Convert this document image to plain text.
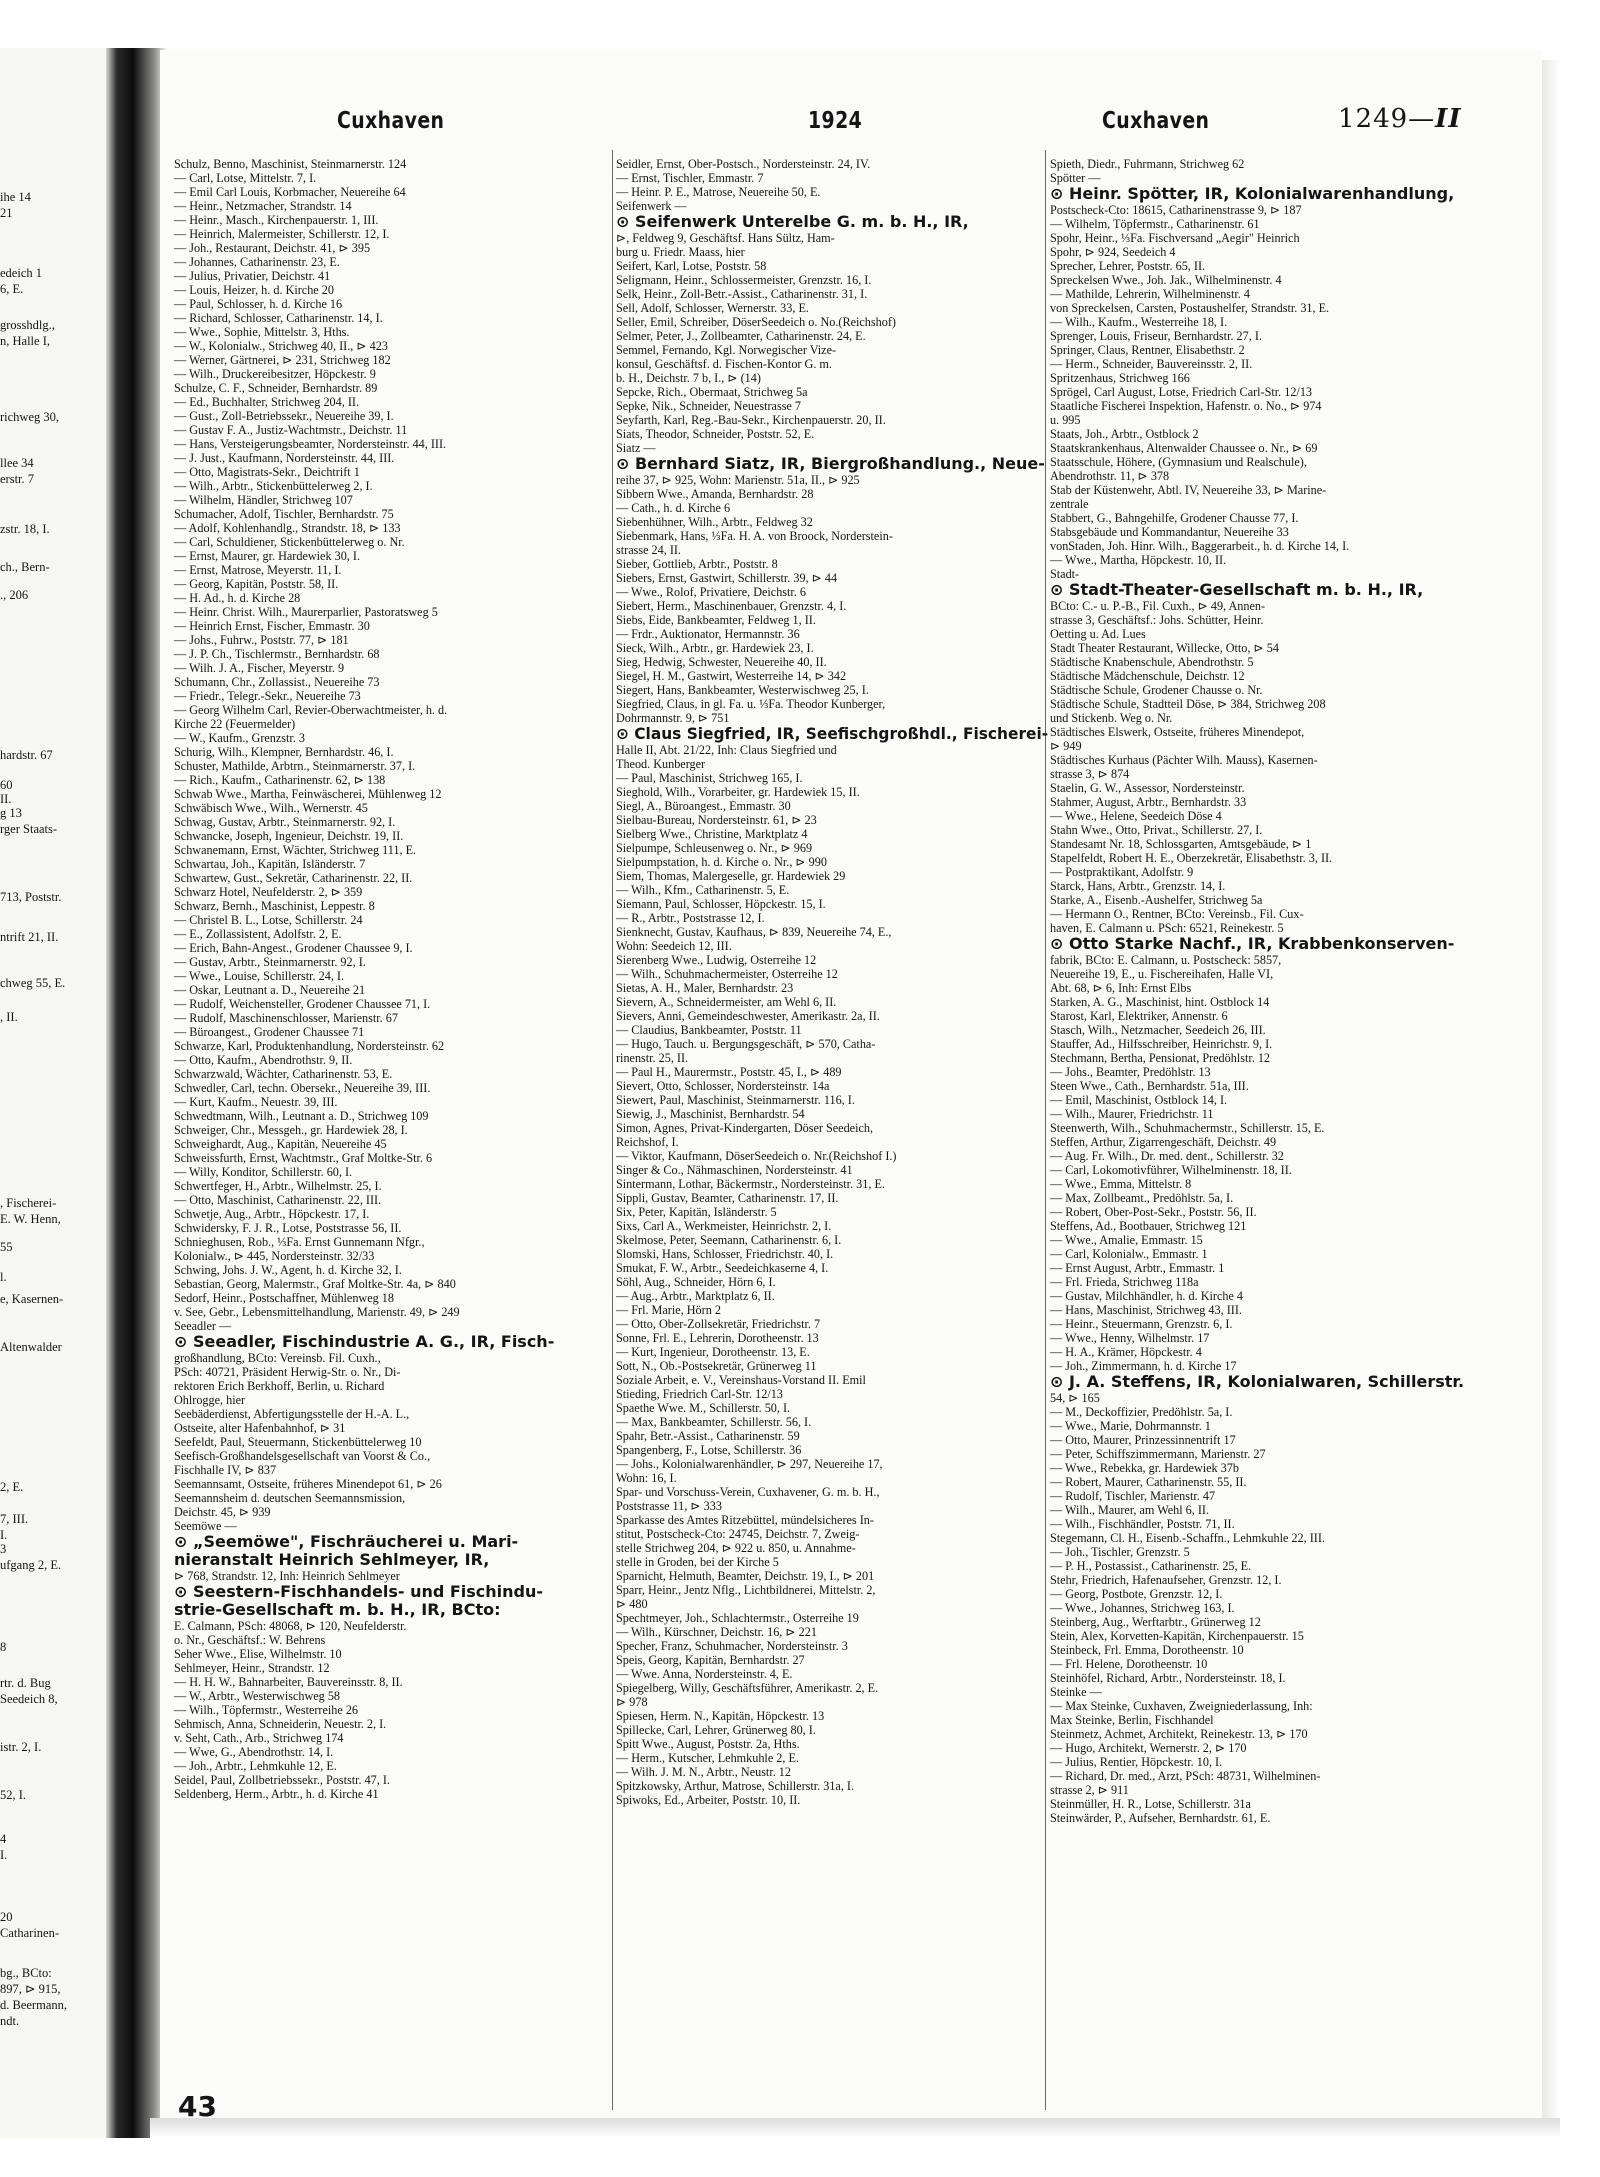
ihe 14
21
edeich 1
6, E.
grosshdlg.,
n, Halle I,
richweg 30,
llee 34
erstr. 7
zstr. 18, I.
ch., Bern-
., 206
hardstr. 67
60
II.
g 13
rger Staats-
713, Poststr.
ntrift 21, II.
chweg 55, E.
, II.
, Fischerei-
E. W. Henn,
55
l.
e, Kasernen-
Altenwalder
2, E.
7, III.
I.
3
ufgang 2, E.
8
rtr. d. Bug
Seedeich 8,
istr. 2, I.
52, I.
4
I.
20
Catharinen-
bg., BCto:
897, ⊳ 915,
d. Beermann,
ndt.
Cuxhaven	1924	Cuxhaven	1249—II
Schulz, Benno, Maschinist, Steinmarnerstr. 124
— Carl, Lotse, Mittelstr. 7, I.
— Emil Carl Louis, Korbmacher, Neuereihe 64
— Heinr., Netzmacher, Strandstr. 14
— Heinr., Masch., Kirchenpauerstr. 1, III.
— Heinrich, Malermeister, Schillerstr. 12, I.
— Joh., Restaurant, Deichstr. 41, ⊳ 395
— Johannes, Catharinenstr. 23, E.
— Julius, Privatier, Deichstr. 41
— Louis, Heizer, h. d. Kirche 20
— Paul, Schlosser, h. d. Kirche 16
— Richard, Schlosser, Catharinenstr. 14, I.
— Wwe., Sophie, Mittelstr. 3, Hths.
— W., Kolonialw., Strichweg 40, II., ⊳ 423
— Werner, Gärtnerei, ⊳ 231, Strichweg 182
— Wilh., Druckereibesitzer, Höpckestr. 9
Schulze, C. F., Schneider, Bernhardstr. 89
— Ed., Buchhalter, Strichweg 204, II.
— Gust., Zoll-Betriebssekr., Neuereihe 39, I.
— Gustav F. A., Justiz-Wachtmstr., Deichstr. 11
— Hans, Versteigerungsbeamter, Nordersteinstr. 44, III.
— J. Just., Kaufmann, Nordersteinstr. 44, III.
— Otto, Magistrats-Sekr., Deichtrift 1
— Wilh., Arbtr., Stickenbüttelerweg 2, I.
— Wilhelm, Händler, Strichweg 107
Schumacher, Adolf, Tischler, Bernhardstr. 75
— Adolf, Kohlenhandlg., Strandstr. 18, ⊳ 133
— Carl, Schuldiener, Stickenbüttelerweg o. Nr.
— Ernst, Maurer, gr. Hardewiek 30, I.
— Ernst, Matrose, Meyerstr. 11, I.
— Georg, Kapitän, Poststr. 58, II.
— H. Ad., h. d. Kirche 28
— Heinr. Christ. Wilh., Maurerparlier, Pastoratsweg 5
— Heinrich Ernst, Fischer, Emmastr. 30
— Johs., Fuhrw., Poststr. 77, ⊳ 181
— J. P. Ch., Tischlermstr., Bernhardstr. 68
— Wilh. J. A., Fischer, Meyerstr. 9
Schumann, Chr., Zollassist., Neuereihe 73
— Friedr., Telegr.-Sekr., Neuereihe 73
— Georg Wilhelm Carl, Revier-Oberwachtmeister, h. d.
Kirche 22 (Feuermelder)
— W., Kaufm., Grenzstr. 3
Schurig, Wilh., Klempner, Bernhardstr. 46, I.
Schuster, Mathilde, Arbtrn., Steinmarnerstr. 37, I.
— Rich., Kaufm., Catharinenstr. 62, ⊳ 138
Schwab Wwe., Martha, Feinwäscherei, Mühlenweg 12
Schwäbisch Wwe., Wilh., Wernerstr. 45
Schwag, Gustav, Arbtr., Steinmarnerstr. 92, I.
Schwancke, Joseph, Ingenieur, Deichstr. 19, II.
Schwanemann, Ernst, Wächter, Strichweg 111, E.
Schwartau, Joh., Kapitän, Isländerstr. 7
Schwartew, Gust., Sekretär, Catharinenstr. 22, II.
Schwarz Hotel, Neufelderstr. 2, ⊳ 359
Schwarz, Bernh., Maschinist, Leppestr. 8
— Christel B. L., Lotse, Schillerstr. 24
— E., Zollassistent, Adolfstr. 2, E.
— Erich, Bahn-Angest., Grodener Chaussee 9, I.
— Gustav, Arbtr., Steinmarnerstr. 92, I.
— Wwe., Louise, Schillerstr. 24, I.
— Oskar, Leutnant a. D., Neuereihe 21
— Rudolf, Weichensteller, Grodener Chaussee 71, I.
— Rudolf, Maschinenschlosser, Marienstr. 67
— Büroangest., Grodener Chaussee 71
Schwarze, Karl, Produktenhandlung, Nordersteinstr. 62
— Otto, Kaufm., Abendrothstr. 9, II.
Schwarzwald, Wächter, Catharinenstr. 53, E.
Schwedler, Carl, techn. Obersekr., Neuereihe 39, III.
— Kurt, Kaufm., Neuestr. 39, III.
Schwedtmann, Wilh., Leutnant a. D., Strichweg 109
Schweiger, Chr., Messgeh., gr. Hardewiek 28, I.
Schweighardt, Aug., Kapitän, Neuereihe 45
Schweissfurth, Ernst, Wachtmstr., Graf Moltke-Str. 6
— Willy, Konditor, Schillerstr. 60, I.
Schwertfeger, H., Arbtr., Wilhelmstr. 25, I.
— Otto, Maschinist, Catharinenstr. 22, III.
Schwetje, Aug., Arbtr., Höpckestr. 17, I.
Schwidersky, F. J. R., Lotse, Poststrasse 56, II.
Schnieghusen, Rob., ⅓Fa. Ernst Gunnemann Nfgr.,
Kolonialw., ⊳ 445, Nordersteinstr. 32/33
Schwing, Johs. J. W., Agent, h. d. Kirche 32, I.
Sebastian, Georg, Malermstr., Graf Moltke-Str. 4a, ⊳ 840
Sedorf, Heinr., Postschaffner, Mühlenweg 18
v. See, Gebr., Lebensmittelhandlung, Marienstr. 49, ⊳ 249
Seeadler —
⊙ Seeadler, Fischindustrie A. G., IR, Fisch-
großhandlung, BCto: Vereinsb. Fil. Cuxh.,
PSch: 40721, Präsident Herwig-Str. o. Nr., Di-
rektoren Erich Berkhoff, Berlin, u. Richard
Ohlrogge, hier
Seebäderdienst, Abfertigungsstelle der H.-A. L.,
Ostseite, alter Hafenbahnhof, ⊳ 31
Seefeldt, Paul, Steuermann, Stickenbüttelerweg 10
Seefisch-Großhandelsgesellschaft van Voorst & Co.,
Fischhalle IV, ⊳ 837
Seemannsamt, Ostseite, früheres Minendepot 61, ⊳ 26
Seemannsheim d. deutschen Seemannsmission,
Deichstr. 45, ⊳ 939
Seemöwe —
⊙ „Seemöwe", Fischräucherei u. Mari-
nieranstalt Heinrich Sehlmeyer, IR,
⊳ 768, Strandstr. 12, Inh: Heinrich Sehlmeyer
⊙ Seestern-Fischhandels- und Fischindu-
strie-Gesellschaft m. b. H., IR, BCto:
E. Calmann, PSch: 48068, ⊳ 120, Neufelderstr.
o. Nr., Geschäftsf.: W. Behrens
Seher Wwe., Elise, Wilhelmstr. 10
Sehlmeyer, Heinr., Strandstr. 12
— H. H. W., Bahnarbeiter, Bauvereinsstr. 8, II.
— W., Arbtr., Westerwischweg 58
— Wilh., Töpfermstr., Westerreihe 26
Sehmisch, Anna, Schneiderin, Neuestr. 2, I.
v. Seht, Cath., Arb., Strichweg 174
— Wwe, G., Abendrothstr. 14, I.
— Joh., Arbtr., Lehmkuhle 12, E.
Seidel, Paul, Zollbetriebssekr., Poststr. 47, I.
Seldenberg, Herm., Arbtr., h. d. Kirche 41
Seidler, Ernst, Ober-Postsch., Nordersteinstr. 24, IV.
— Ernst, Tischler, Emmastr. 7
— Heinr. P. E., Matrose, Neuereihe 50, E.
Seifenwerk —
⊙ Seifenwerk Unterelbe G. m. b. H., IR,
⊳, Feldweg 9, Geschäftsf. Hans Sültz, Ham-
burg u. Friedr. Maass, hier
Seifert, Karl, Lotse, Poststr. 58
Seligmann, Heinr., Schlossermeister, Grenzstr. 16, I.
Selk, Heinr., Zoll-Betr.-Assist., Catharinenstr. 31, I.
Sell, Adolf, Schlosser, Wernerstr. 33, E.
Seller, Emil, Schreiber, DöserSeedeich o. No.(Reichshof)
Selmer, Peter, J., Zollbeamter, Catharinenstr. 24, E.
Semmel, Fernando, Kgl. Norwegischer Vize-
konsul, Geschäftsf. d. Fischen-Kontor G. m.
b. H., Deichstr. 7 b, I., ⊳ (14)
Sepcke, Rich., Obermaat, Strichweg 5a
Sepke, Nik., Schneider, Neuestrasse 7
Seyfarth, Karl, Reg.-Bau-Sekr., Kirchenpauerstr. 20, II.
Siats, Theodor, Schneider, Poststr. 52, E.
Siatz —
⊙ Bernhard Siatz, IR, Biergroßhandlung., Neue-
reihe 37, ⊳ 925, Wohn: Marienstr. 51a, II., ⊳ 925
Sibbern Wwe., Amanda, Bernhardstr. 28
— Cath., h. d. Kirche 6
Siebenhühner, Wilh., Arbtr., Feldweg 32
Siebenmark, Hans, ⅓Fa. H. A. von Broock, Norderstein-
strasse 24, II.
Sieber, Gottlieb, Arbtr., Poststr. 8
Siebers, Ernst, Gastwirt, Schillerstr. 39, ⊳ 44
— Wwe., Rolof, Privatiere, Deichstr. 6
Siebert, Herm., Maschinenbauer, Grenzstr. 4, I.
Siebs, Eide, Bankbeamter, Feldweg 1, II.
— Frdr., Auktionator, Hermannstr. 36
Sieck, Wilh., Arbtr., gr. Hardewiek 23, I.
Sieg, Hedwig, Schwester, Neuereihe 40, II.
Siegel, H. M., Gastwirt, Westerreihe 14, ⊳ 342
Siegert, Hans, Bankbeamter, Westerwischweg 25, I.
Siegfried, Claus, in gl. Fa. u. ⅓Fa. Theodor Kunberger,
Dohrmannstr. 9, ⊳ 751
⊙ Claus Siegfried, IR, Seefischgroßhdl., Fischerei-
Halle II, Abt. 21/22, Inh: Claus Siegfried und
Theod. Kunberger
— Paul, Maschinist, Strichweg 165, I.
Sieghold, Wilh., Vorarbeiter, gr. Hardewiek 15, II.
Siegl, A., Büroangest., Emmastr. 30
Sielbau-Bureau, Nordersteinstr. 61, ⊳ 23
Sielberg Wwe., Christine, Marktplatz 4
Sielpumpe, Schleusenweg o. Nr., ⊳ 969
Sielpumpstation, h. d. Kirche o. Nr., ⊳ 990
Siem, Thomas, Malergeselle, gr. Hardewiek 29
— Wilh., Kfm., Catharinenstr. 5, E.
Siemann, Paul, Schlosser, Höpckestr. 15, I.
— R., Arbtr., Poststrasse 12, I.
Sienknecht, Gustav, Kaufhaus, ⊳ 839, Neuereihe 74, E.,
Wohn: Seedeich 12, III.
Sierenberg Wwe., Ludwig, Osterreihe 12
— Wilh., Schuhmachermeister, Osterreihe 12
Sietas, A. H., Maler, Bernhardstr. 23
Sievern, A., Schneidermeister, am Wehl 6, II.
Sievers, Anni, Gemeindeschwester, Amerikastr. 2a, II.
— Claudius, Bankbeamter, Poststr. 11
— Hugo, Tauch. u. Bergungsgeschäft, ⊳ 570, Catha-
rinenstr. 25, II.
— Paul H., Maurermstr., Poststr. 45, I., ⊳ 489
Sievert, Otto, Schlosser, Nordersteinstr. 14a
Siewert, Paul, Maschinist, Steinmarnerstr. 116, I.
Siewig, J., Maschinist, Bernhardstr. 54
Simon, Agnes, Privat-Kindergarten, Döser Seedeich,
Reichshof, I.
— Viktor, Kaufmann, DöserSeedeich o. Nr.(Reichshof I.)
Singer & Co., Nähmaschinen, Nordersteinstr. 41
Sintermann, Lothar, Bäckermstr., Nordersteinstr. 31, E.
Sippli, Gustav, Beamter, Catharinenstr. 17, II.
Six, Peter, Kapitän, Isländerstr. 5
Sixs, Carl A., Werkmeister, Heinrichstr. 2, I.
Skelmose, Peter, Seemann, Catharinenstr. 6, I.
Slomski, Hans, Schlosser, Friedrichstr. 40, I.
Smukat, F. W., Arbtr., Seedeichkaserne 4, I.
Söhl, Aug., Schneider, Hörn 6, I.
— Aug., Arbtr., Marktplatz 6, II.
— Frl. Marie, Hörn 2
— Otto, Ober-Zollsekretär, Friedrichstr. 7
Sonne, Frl. E., Lehrerin, Dorotheenstr. 13
— Kurt, Ingenieur, Dorotheenstr. 13, E.
Sott, N., Ob.-Postsekretär, Grünerweg 11
Soziale Arbeit, e. V., Vereinshaus-Vorstand II. Emil
Stieding, Friedrich Carl-Str. 12/13
Spaethe Wwe. M., Schillerstr. 50, I.
— Max, Bankbeamter, Schillerstr. 56, I.
Spahr, Betr.-Assist., Catharinenstr. 59
Spangenberg, F., Lotse, Schillerstr. 36
— Johs., Kolonialwarenhändler, ⊳ 297, Neuereihe 17,
Wohn: 16, I.
Spar- und Vorschuss-Verein, Cuxhavener, G. m. b. H.,
Poststrasse 11, ⊳ 333
Sparkasse des Amtes Ritzebüttel, mündelsicheres In-
stitut, Postscheck-Cto: 24745, Deichstr. 7, Zweig-
stelle Strichweg 204, ⊳ 922 u. 850, u. Annahme-
stelle in Groden, bei der Kirche 5
Sparnicht, Helmuth, Beamter, Deichstr. 19, I., ⊳ 201
Sparr, Heinr., Jentz Nflg., Lichtbildnerei, Mittelstr. 2,
⊳ 480
Spechtmeyer, Joh., Schlachtermstr., Osterreihe 19
— Wilh., Kürschner, Deichstr. 16, ⊳ 221
Specher, Franz, Schuhmacher, Nordersteinstr. 3
Speis, Georg, Kapitän, Bernhardstr. 27
— Wwe. Anna, Nordersteinstr. 4, E.
Spiegelberg, Willy, Geschäftsführer, Amerikastr. 2, E.
⊳ 978
Spiesen, Herm. N., Kapitän, Höpckestr. 13
Spillecke, Carl, Lehrer, Grünerweg 80, I.
Spitt Wwe., August, Poststr. 2a, Hths.
— Herm., Kutscher, Lehmkuhle 2, E.
— Wilh. J. M. N., Arbtr., Neustr. 12
Spitzkowsky, Arthur, Matrose, Schillerstr. 31a, I.
Spiwoks, Ed., Arbeiter, Poststr. 10, II.
Spieth, Diedr., Fuhrmann, Strichweg 62
Spötter —
⊙ Heinr. Spötter, IR, Kolonialwarenhandlung,
Postscheck-Cto: 18615, Catharinenstrasse 9, ⊳ 187
— Wilhelm, Töpfermstr., Catharinenstr. 61
Spohr, Heinr., ⅓Fa. Fischversand „Aegir" Heinrich
Spohr, ⊳ 924, Seedeich 4
Sprecher, Lehrer, Poststr. 65, II.
Spreckelsen Wwe., Joh. Jak., Wilhelminenstr. 4
— Mathilde, Lehrerin, Wilhelminenstr. 4
von Spreckelsen, Carsten, Postaushelfer, Strandstr. 31, E.
— Wilh., Kaufm., Westerreihe 18, I.
Sprenger, Louis, Friseur, Bernhardstr. 27, I.
Springer, Claus, Rentner, Elisabethstr. 2
— Herm., Schneider, Bauvereinsstr. 2, II.
Spritzenhaus, Strichweg 166
Sprögel, Carl August, Lotse, Friedrich Carl-Str. 12/13
Staatliche Fischerei Inspektion, Hafenstr. o. No., ⊳ 974
u. 995
Staats, Joh., Arbtr., Ostblock 2
Staatskrankenhaus, Altenwalder Chaussee o. Nr., ⊳ 69
Staatsschule, Höhere, (Gymnasium und Realschule),
Abendrothstr. 11, ⊳ 378
Stab der Küstenwehr, Abtl. IV, Neuereihe 33, ⊳ Marine-
zentrale
Stabbert, G., Bahngehilfe, Grodener Chausse 77, I.
Stabsgebäude und Kommandantur, Neuereihe 33
vonStaden, Joh. Hinr. Wilh., Baggerarbeit., h. d. Kirche 14, I.
— Wwe., Martha, Höpckestr. 10, II.
Stadt-
⊙ Stadt-Theater-Gesellschaft m. b. H., IR,
BCto: C.- u. P.-B., Fil. Cuxh., ⊳ 49, Annen-
strasse 3, Geschäftsf.: Johs. Schütter, Heinr.
Oetting u. Ad. Lues
Stadt Theater Restaurant, Willecke, Otto, ⊳ 54
Städtische Knabenschule, Abendrothstr. 5
Städtische Mädchenschule, Deichstr. 12
Städtische Schule, Grodener Chausse o. Nr.
Städtische Schule, Stadtteil Döse, ⊳ 384, Strichweg 208
und Stickenb. Weg o. Nr.
Städtisches Elswerk, Ostseite, früheres Minendepot,
⊳ 949
Städtisches Kurhaus (Pächter Wilh. Mauss), Kasernen-
strasse 3, ⊳ 874
Staelin, G. W., Assessor, Nordersteinstr.
Stahmer, August, Arbtr., Bernhardstr. 33
— Wwe., Helene, Seedeich Döse 4
Stahn Wwe., Otto, Privat., Schillerstr. 27, I.
Standesamt Nr. 18, Schlossgarten, Amtsgebäude, ⊳ 1
Stapelfeldt, Robert H. E., Oberzekretär, Elisabethstr. 3, II.
— Postpraktikant, Adolfstr. 9
Starck, Hans, Arbtr., Grenzstr. 14, I.
Starke, A., Eisenb.-Aushelfer, Strichweg 5a
— Hermann O., Rentner, BCto: Vereinsb., Fil. Cux-
haven, E. Calmann u. PSch: 6521, Reinekestr. 5
⊙ Otto Starke Nachf., IR, Krabbenkonserven-
fabrik, BCto: E. Calmann, u. Postscheck: 5857,
Neuereihe 19, E., u. Fischereihafen, Halle VI,
Abt. 68, ⊳ 6, Inh: Ernst Elbs
Starken, A. G., Maschinist, hint. Ostblock 14
Starost, Karl, Elektriker, Annenstr. 6
Stasch, Wilh., Netzmacher, Seedeich 26, III.
Stauffer, Ad., Hilfsschreiber, Heinrichstr. 9, I.
Stechmann, Bertha, Pensionat, Predöhlstr. 12
— Johs., Beamter, Predöhlstr. 13
Steen Wwe., Cath., Bernhardstr. 51a, III.
— Emil, Maschinist, Ostblock 14, I.
— Wilh., Maurer, Friedrichstr. 11
Steenwerth, Wilh., Schuhmachermstr., Schillerstr. 15, E.
Steffen, Arthur, Zigarrengeschäft, Deichstr. 49
— Aug. Fr. Wilh., Dr. med. dent., Schillerstr. 32
— Carl, Lokomotivführer, Wilhelminenstr. 18, II.
— Wwe., Emma, Mittelstr. 8
— Max, Zollbeamt., Predöhlstr. 5a, I.
— Robert, Ober-Post-Sekr., Poststr. 56, II.
Steffens, Ad., Bootbauer, Strichweg 121
— Wwe., Amalie, Emmastr. 15
— Carl, Kolonialw., Emmastr. 1
— Ernst August, Arbtr., Emmastr. 1
— Frl. Frieda, Strichweg 118a
— Gustav, Milchhändler, h. d. Kirche 4
— Hans, Maschinist, Strichweg 43, III.
— Heinr., Steuermann, Grenzstr. 6, I.
— Wwe., Henny, Wilhelmstr. 17
— H. A., Krämer, Höpckestr. 4
— Joh., Zimmermann, h. d. Kirche 17
⊙ J. A. Steffens, IR, Kolonialwaren, Schillerstr.
54, ⊳ 165
— M., Deckoffizier, Predöhlstr. 5a, I.
— Wwe., Marie, Dohrmannstr. 1
— Otto, Maurer, Prinzessinnentrift 17
— Peter, Schiffszimmermann, Marienstr. 27
— Wwe., Rebekka, gr. Hardewiek 37b
— Robert, Maurer, Catharinenstr. 55, II.
— Rudolf, Tischler, Marienstr. 47
— Wilh., Maurer, am Wehl 6, II.
— Wilh., Fischhändler, Poststr. 71, II.
Stegemann, Cl. H., Eisenb.-Schaffn., Lehmkuhle 22, III.
— Joh., Tischler, Grenzstr. 5
— P. H., Postassist., Catharinenstr. 25, E.
Stehr, Friedrich, Hafenaufseher, Grenzstr. 12, I.
— Georg, Postbote, Grenzstr. 12, I.
— Wwe., Johannes, Strichweg 163, I.
Steinberg, Aug., Werftarbtr., Grünerweg 12
Stein, Alex, Korvetten-Kapitän, Kirchenpauerstr. 15
Steinbeck, Frl. Emma, Dorotheenstr. 10
— Frl. Helene, Dorotheenstr. 10
Steinhöfel, Richard, Arbtr., Nordersteinstr. 18, I.
Steinke —
— Max Steinke, Cuxhaven, Zweigniederlassung, Inh:
Max Steinke, Berlin, Fischhandel
Steinmetz, Achmet, Architekt, Reinekestr. 13, ⊳ 170
— Hugo, Architekt, Wernerstr. 2, ⊳ 170
— Julius, Rentier, Höpckestr. 10, I.
— Richard, Dr. med., Arzt, PSch: 48731, Wilhelminen-
strasse 2, ⊳ 911
Steinmüller, H. R., Lotse, Schillerstr. 31a
Steinwärder, P., Aufseher, Bernhardstr. 61, E.
43
